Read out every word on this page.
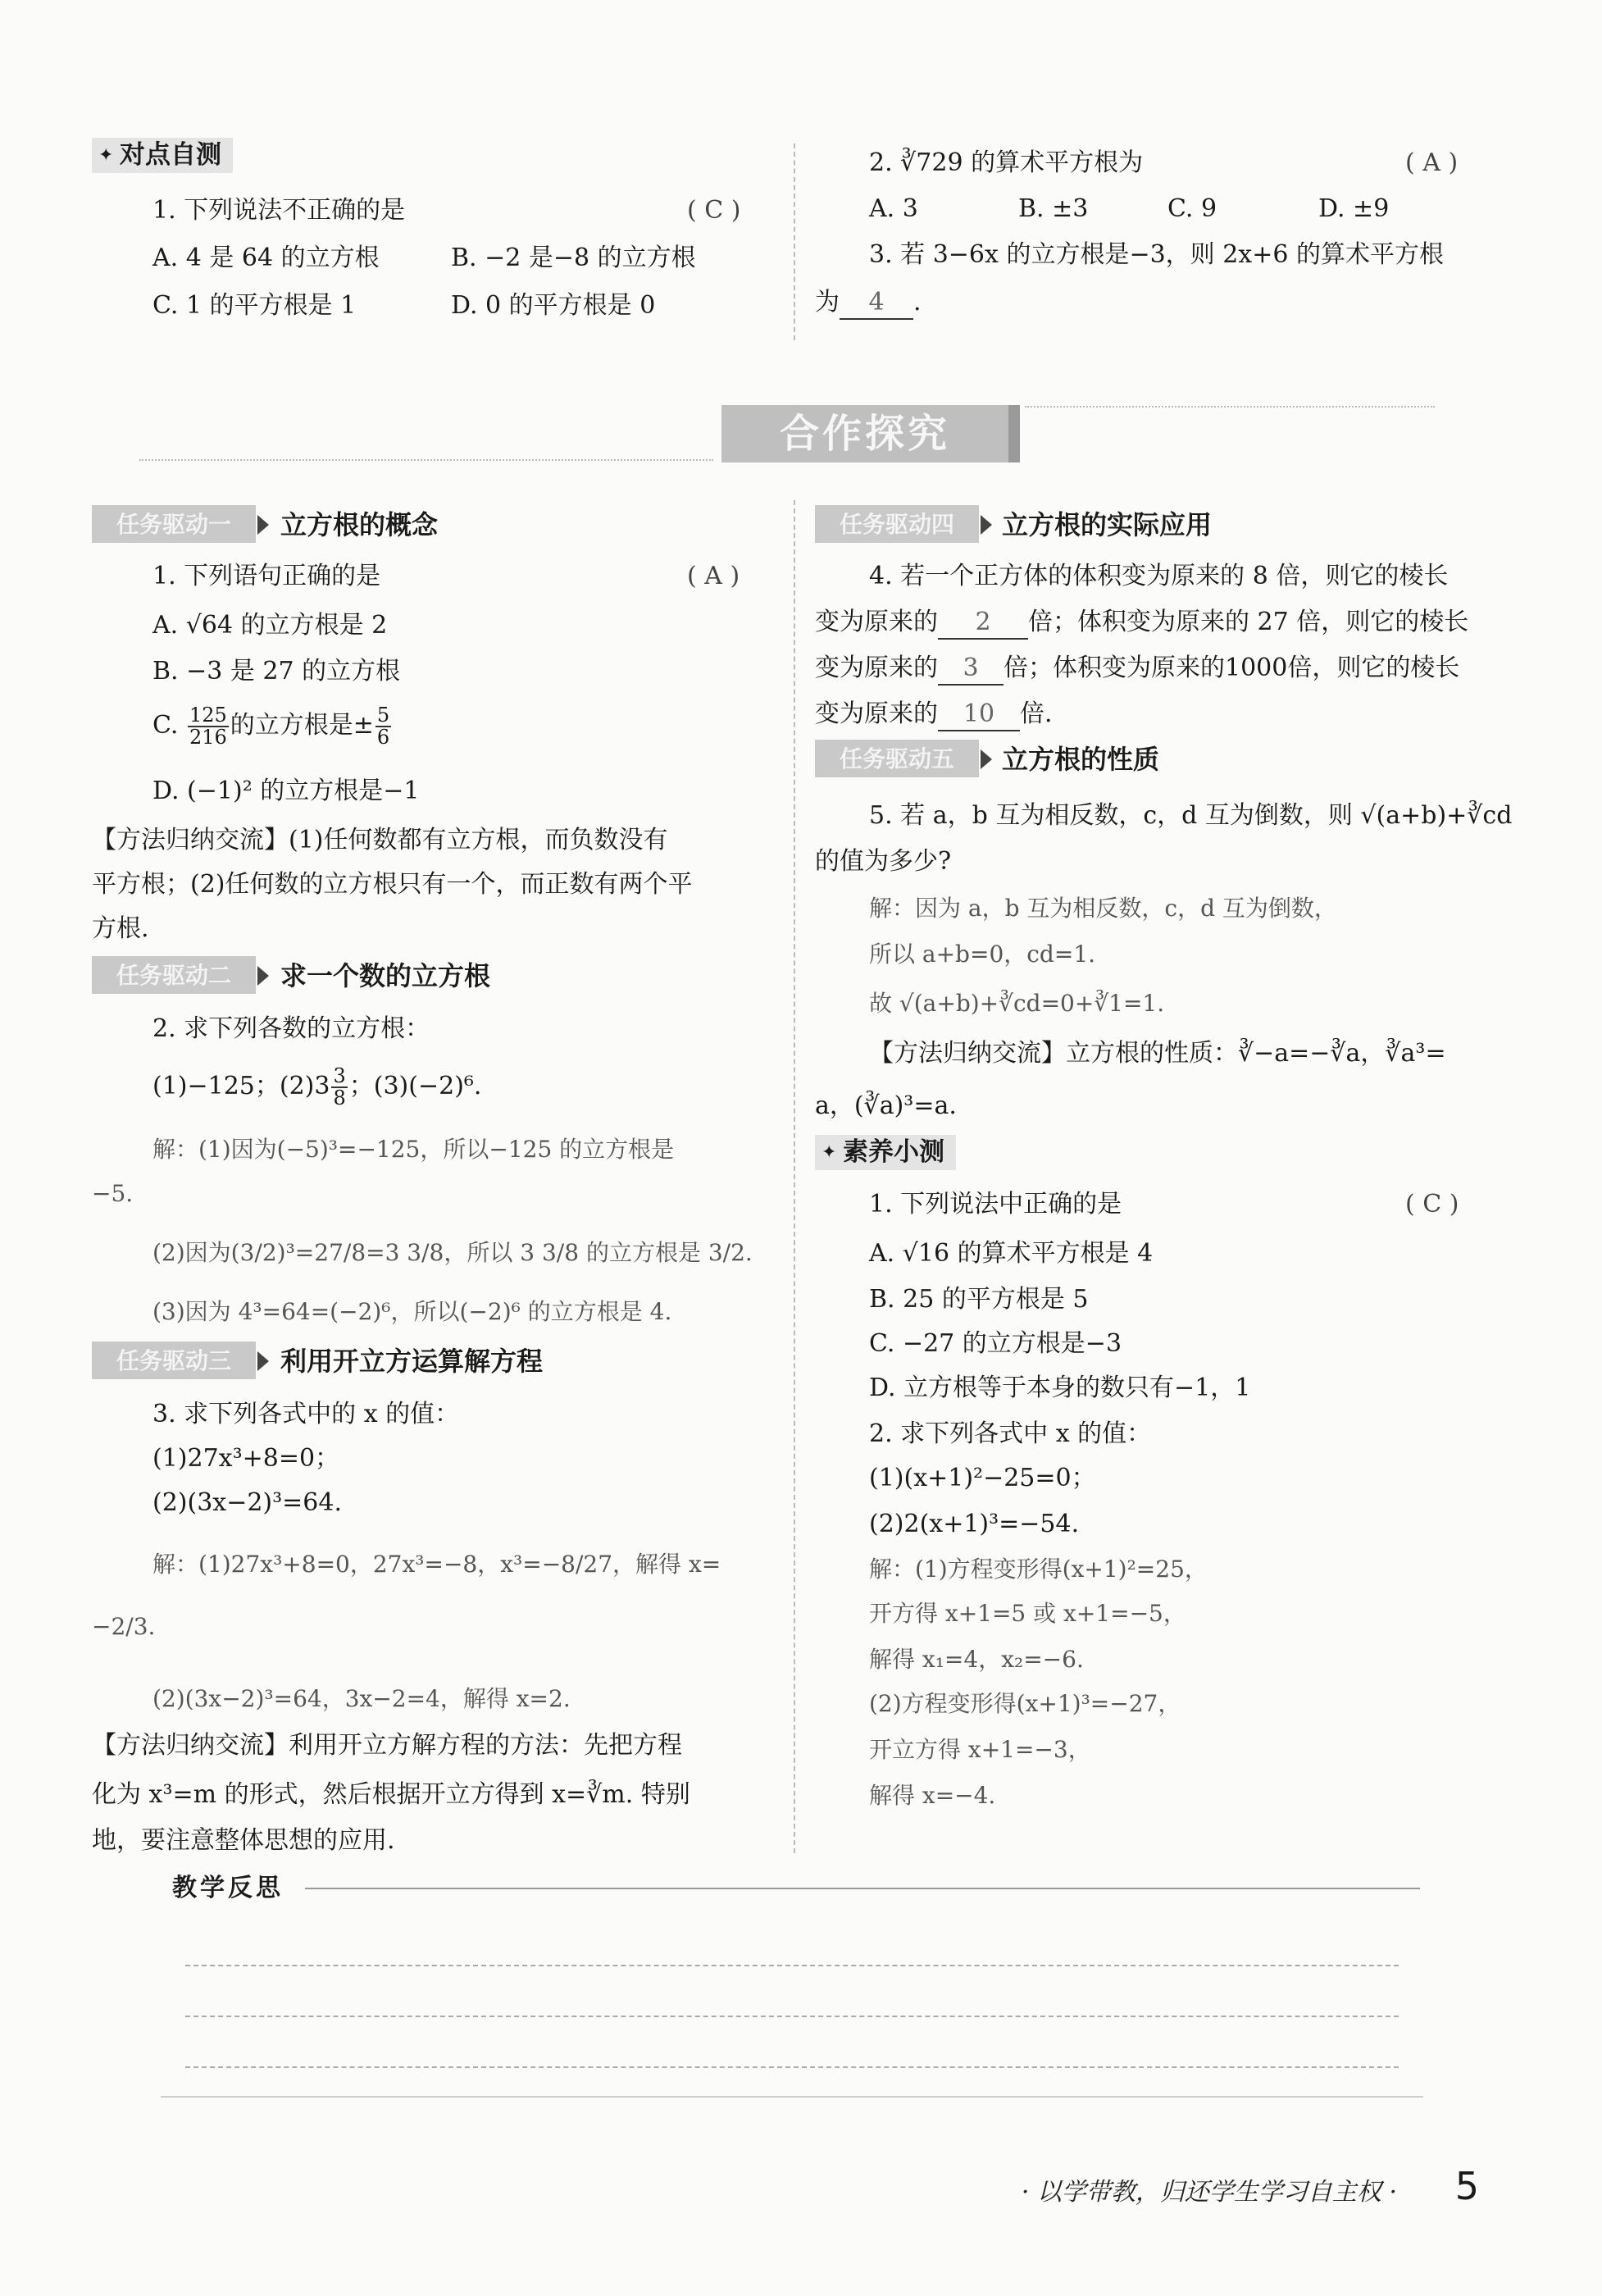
✦ 对点自测
1. 下列说法不正确的是	( C )
A. 4 是 64 的立方根	B. −2 是−8 的立方根
C. 1 的平方根是 1	D. 0 的平方根是 0
2. ∛729 的算术平方根为	( A )
A. 3	B. ±3	C. 9	D. ±9
3. 若 3−6x 的立方根是−3，则 2x+6 的算术平方根
为 4 .
合作探究
任务驱动一	立方根的概念
1. 下列语句正确的是	( A )
A. √64 的立方根是 2
B. −3 是 27 的立方根
C. $\frac{125}{216}$ 的立方根是± $\frac{5}{6}$
D. (−1)² 的立方根是−1
【方法归纳交流】(1)任何数都有立方根，而负数没有
平方根；(2)任何数的立方根只有一个，而正数有两个平
方根.
任务驱动二	求一个数的立方根
2. 求下列各数的立方根：
(1)−125；$(2)3 \frac{3}{8}$ ；(3)(−2)⁶.
解：(1)因为(−5)³=−125，所以−125 的立方根是
−5.
(2)因为(3/2)³=27/8=3 3/8，所以 3 3/8 的立方根是 3/2.
(3)因为 4³=64=(−2)⁶，所以(−2)⁶ 的立方根是 4.
任务驱动三	利用开立方运算解方程
3. 求下列各式中的 x 的值：
(1)27x³+8=0；
(2)(3x−2)³=64.
解：(1)27x³+8=0，27x³=−8，x³=−8/27，解得 x=
−2/3.
(2)(3x−2)³=64，3x−2=4，解得 x=2.
【方法归纳交流】利用开立方解方程的方法：先把方程
化为 x³=m 的形式，然后根据开立方得到 x=∛m. 特别
地，要注意整体思想的应用.
任务驱动四	立方根的实际应用
4. 若一个正方体的体积变为原来的 8 倍，则它的棱长
变为原来的 2 倍；体积变为原来的 27 倍，则它的棱长
变为原来的 3 倍；体积变为原来的1000倍，则它的棱长
变为原来的 10 倍.
任务驱动五	立方根的性质
5. 若 a，b 互为相反数，c，d 互为倒数，则 √(a+b)+∛cd
的值为多少?
解：因为 a，b 互为相反数，c，d 互为倒数，
所以 a+b=0，cd=1.
故 √(a+b)+∛cd=0+∛1=1.
【方法归纳交流】立方根的性质：∛−a=−∛a，∛a³=
a，(∛a)³=a.
✦ 素养小测
1. 下列说法中正确的是	( C )
A. √16 的算术平方根是 4
B. 25 的平方根是 5
C. −27 的立方根是−3
D. 立方根等于本身的数只有−1，1
2. 求下列各式中 x 的值：
(1)(x+1)²−25=0；
(2)2(x+1)³=−54.
解：(1)方程变形得(x+1)²=25，
开方得 x+1=5 或 x+1=−5，
解得 x₁=4，x₂=−6.
(2)方程变形得(x+1)³=−27，
开立方得 x+1=−3，
解得 x=−4.
教学反思
· 以学带教，归还学生学习自主权 · 5
